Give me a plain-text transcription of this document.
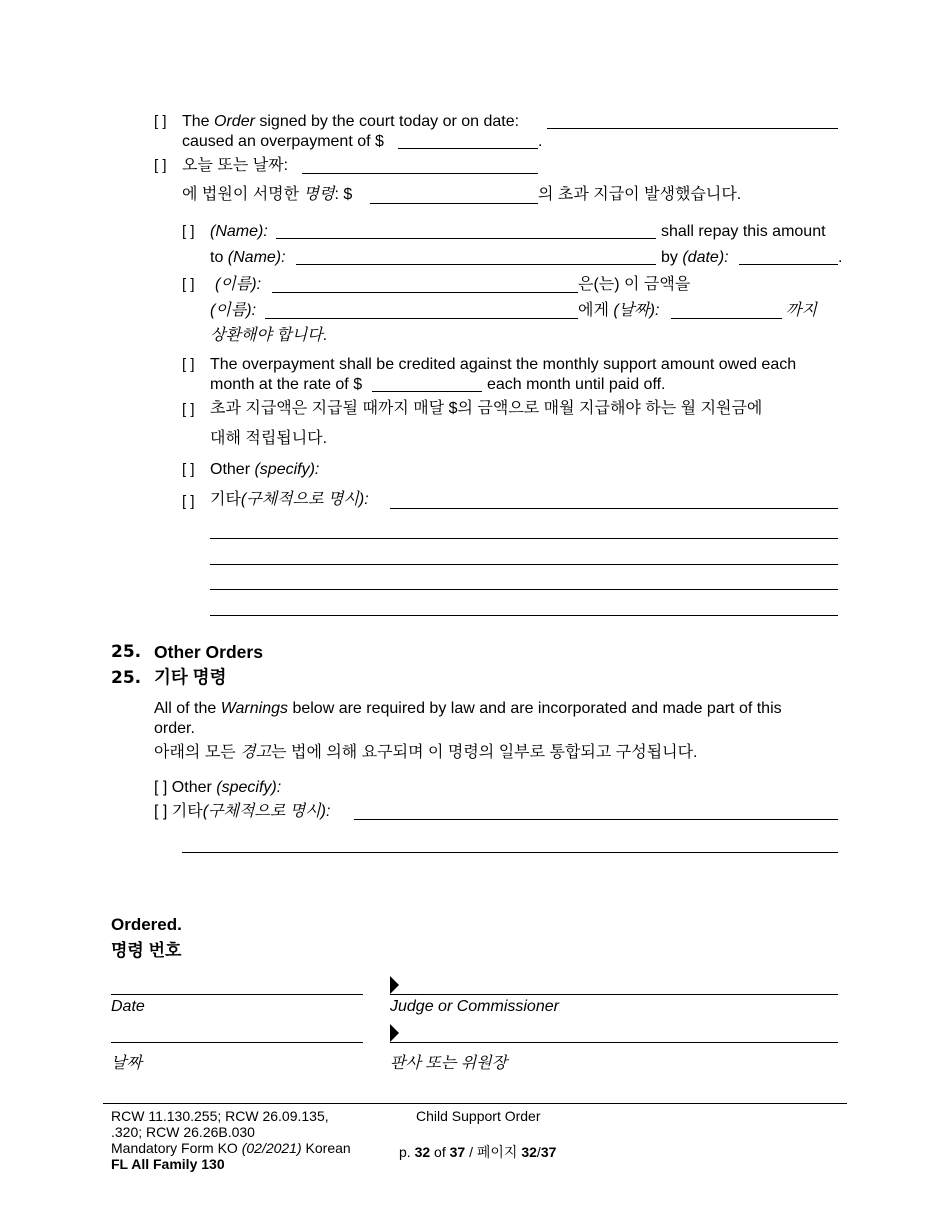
[ ] The Order signed by the court today or on date:
caused an overpayment of $	.
[ ] 오늘 또는 날짜:
에 법원이 서명한 명령: $	의 초과 지급이 발생했습니다.
[ ] (Name):	shall repay this amount
to (Name):	by (date):	.
[ ] (이름):	은(는) 이 금액을
(이름):	에게 (날짜):	까지
상환해야 합니다.
[ ] The overpayment shall be credited against the monthly support amount owed each
month at the rate of $	each month until paid off.
[ ] 초과 지급액은 지급될 때까지 매달 $의 금액으로 매월 지급해야 하는 월 지원금에
대해 적립됩니다.
[ ] Other (specify):
[ ] 기타(구체적으로 명시):
25. Other Orders
25. 기타 명령
All of the Warnings below are required by law and are incorporated and made part of this
order.
아래의 모든 경고는 법에 의해 요구되며 이 명령의 일부로 통합되고 구성됩니다.
[ ] Other (specify):
[ ] 기타(구체적으로 명시):
Ordered.
명령 번호
Date	Judge or Commissioner
날짜	판사 또는 위원장
RCW 11.130.255; RCW 26.09.135,
.320; RCW 26.26B.030
Mandatory Form KO (02/2021) Korean
FL All Family 130
Child Support Order
p. 32 of 37 / 페이지 32/37
